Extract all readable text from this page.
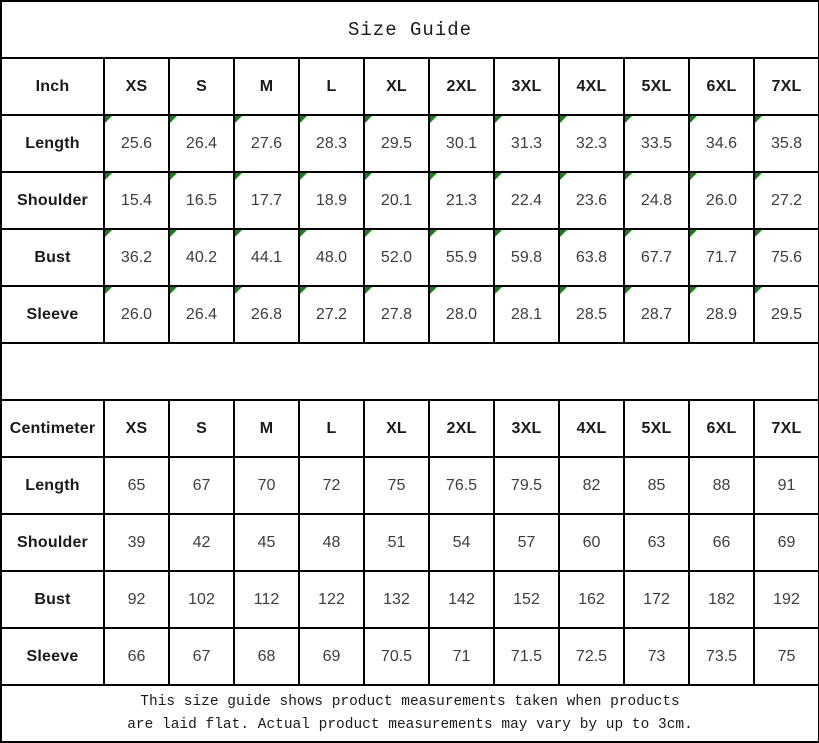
Size Guide											
Inch	XS	S	M	L	XL	2XL	3XL	4XL	5XL	6XL	7XL
Length	25.6	26.4	27.6	28.3	29.5	30.1	31.3	32.3	33.5	34.6	35.8
Shoulder	15.4	16.5	17.7	18.9	20.1	21.3	22.4	23.6	24.8	26.0	27.2
Bust	36.2	40.2	44.1	48.0	52.0	55.9	59.8	63.8	67.7	71.7	75.6
Sleeve	26.0	26.4	26.8	27.2	27.8	28.0	28.1	28.5	28.7	28.9	29.5

Centimeter	XS	S	M	L	XL	2XL	3XL	4XL	5XL	6XL	7XL
Length	65	67	70	72	75	76.5	79.5	82	85	88	91
Shoulder	39	42	45	48	51	54	57	60	63	66	69
Bust	92	102	112	122	132	142	152	162	172	182	192
Sleeve	66	67	68	69	70.5	71	71.5	72.5	73	73.5	75

This size guide shows product measurements taken when products
are laid flat. Actual product measurements may vary by up to 3cm.											
